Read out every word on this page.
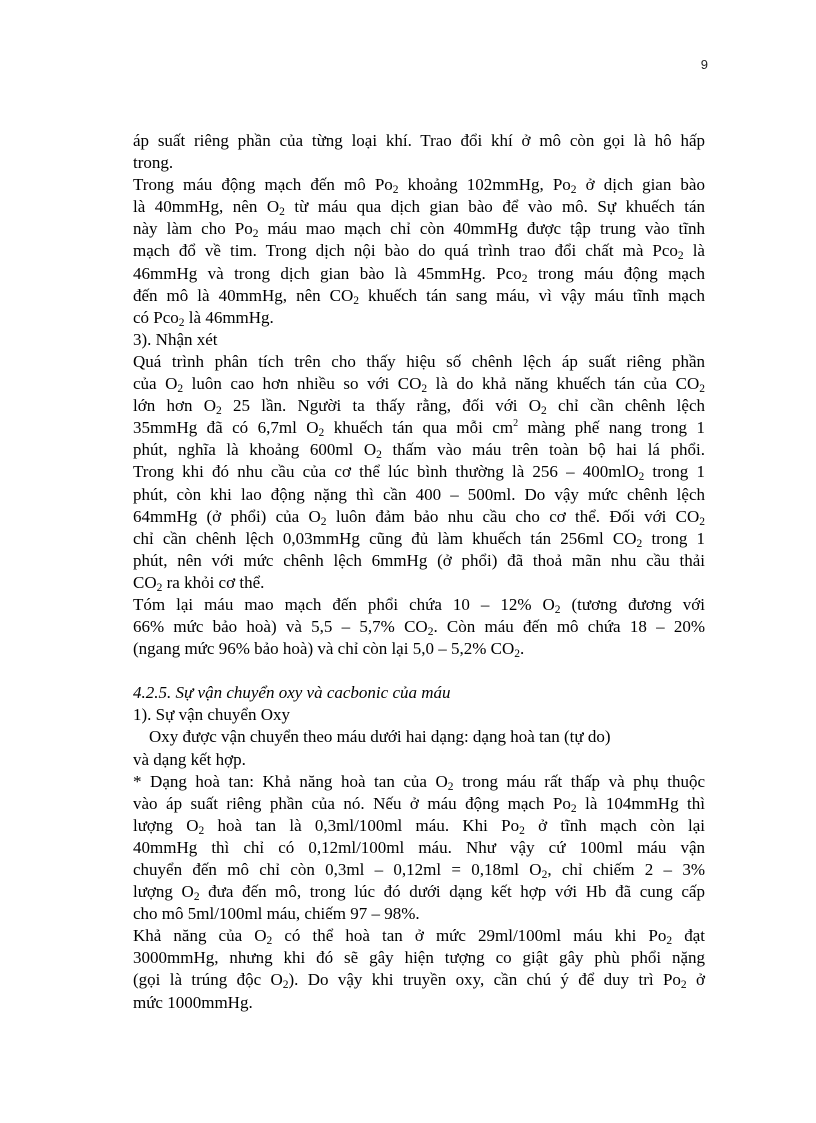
9

áp suất riêng phần của từng loại khí. Trao đổi khí ở mô còn gọi là hô hấp

trong.

Trong máu động mạch đến mô $Po_2$ khoảng 102mmHg, $Po_2$ ở dịch gian bào

là 40mmHg, nên $O_2$ từ máu qua dịch gian bào để vào mô. Sự khuếch tán

này làm cho $Po_2$ máu mao mạch chỉ còn 40mmHg được tập trung vào tĩnh

mạch đổ về tim. Trong dịch nội bào do quá trình trao đổi chất mà Pco$_2$ là

46mmHg và trong dịch gian bào là 45mmHg. Pco$_2$ trong máu động mạch

đến mô là 40mmHg, nên $CO_2$ khuếch tán sang máu, vì vậy máu tĩnh mạch

có Pco$_2$ là 46mmHg.

3). Nhận xét

Quá trình phân tích trên cho thấy hiệu số chênh lệch áp suất riêng phần

của $O_2$ luôn cao hơn nhiều so với $CO_2$ là do khả năng khuếch tán của $CO_2$

lớn hơn $O_2$ 25 lần. Người ta thấy rằng, đối với $O_2$ chỉ cần chênh lệch

35mmHg đã có 6,7ml $O_2$ khuếch tán qua mỗi $cm^2$ màng phế nang trong 1

phút, nghĩa là khoảng 600ml $O_2$ thấm vào máu trên toàn bộ hai lá phổi.

Trong khi đó nhu cầu của cơ thể lúc bình thường là 256 – 400mlO$_2$ trong 1

phút, còn khi lao động nặng thì cần 400 – 500ml. Do vậy mức chênh lệch

64mmHg (ở phổi) của $O_2$ luôn đảm bảo nhu cầu cho cơ thể. Đối với $CO_2$

chỉ cần chênh lệch 0,03mmHg cũng đủ làm khuếch tán 256ml $CO_2$ trong 1

phút, nên với mức chênh lệch 6mmHg (ở phổi) đã thoả mãn nhu cầu thải

$CO_2$ ra khỏi cơ thể.

Tóm lại máu mao mạch đến phổi chứa 10 – 12% $O_2$ (tương đương với

66% mức bảo hoà) và 5,5 – 5,7% $CO_2$. Còn máu đến mô chứa 18 – 20%

(ngang mức 96% bảo hoà) và chỉ còn lại 5,0 – 5,2% $CO_2$.

4.2.5. Sự vận chuyển oxy và cacbonic của máu

1). Sự vận chuyển Oxy

Oxy được vận chuyển theo máu dưới hai dạng: dạng hoà tan (tự do)

và dạng kết hợp.

* Dạng hoà tan: Khả năng hoà tan của $O_2$ trong máu rất thấp và phụ thuộc

vào áp suất riêng phần của nó. Nếu ở máu động mạch $Po_2$ là 104mmHg thì

lượng $O_2$ hoà tan là 0,3ml/100ml máu. Khi $Po_2$ ở tĩnh mạch còn lại

40mmHg thì chỉ có 0,12ml/100ml máu. Như vậy cứ 100ml máu vận

chuyển đến mô chỉ còn 0,3ml – 0,12ml = 0,18ml $O_2$, chỉ chiếm 2 – 3%

lượng $O_2$ đưa đến mô, trong lúc đó dưới dạng kết hợp với Hb đã cung cấp

cho mô 5ml/100ml máu, chiếm 97 – 98%.

Khả năng của $O_2$ có thể hoà tan ở mức 29ml/100ml máu khi $Po_2$ đạt

3000mmHg, nhưng khi đó sẽ gây hiện tượng co giật gây phù phổi nặng

(gọi là trúng độc $O_2$). Do vậy khi truyền oxy, cần chú ý để duy trì $Po_2$ ở

mức 1000mmHg.
